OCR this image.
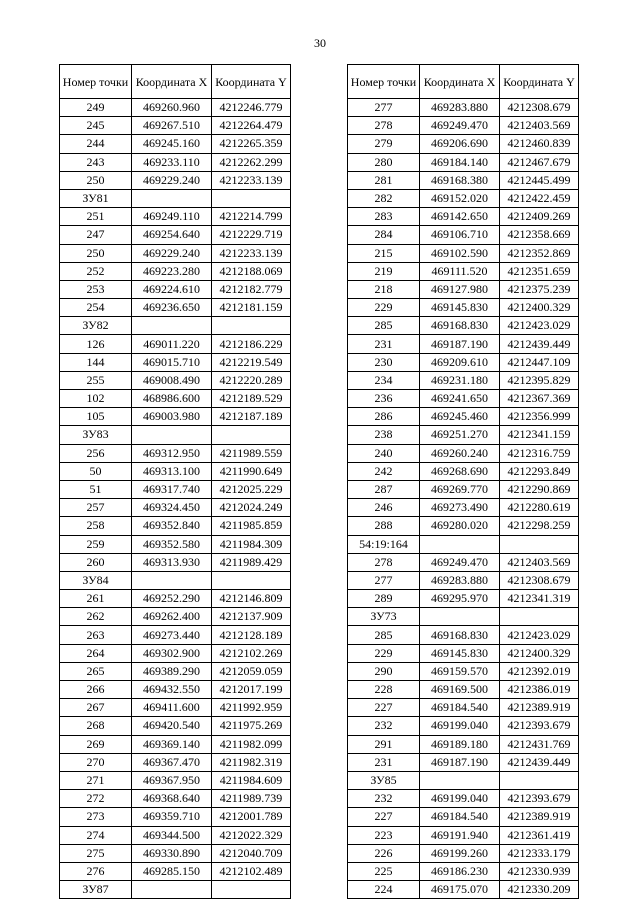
30
Номер точки	Координата X	Координата Y
249	469260.960	4212246.779
245	469267.510	4212264.479
244	469245.160	4212265.359
243	469233.110	4212262.299
250	469229.240	4212233.139
ЗУ81		
251	469249.110	4212214.799
247	469254.640	4212229.719
250	469229.240	4212233.139
252	469223.280	4212188.069
253	469224.610	4212182.779
254	469236.650	4212181.159
ЗУ82		
126	469011.220	4212186.229
144	469015.710	4212219.549
255	469008.490	4212220.289
102	468986.600	4212189.529
105	469003.980	4212187.189
ЗУ83		
256	469312.950	4211989.559
50	469313.100	4211990.649
51	469317.740	4212025.229
257	469324.450	4212024.249
258	469352.840	4211985.859
259	469352.580	4211984.309
260	469313.930	4211989.429
ЗУ84		
261	469252.290	4212146.809
262	469262.400	4212137.909
263	469273.440	4212128.189
264	469302.900	4212102.269
265	469389.290	4212059.059
266	469432.550	4212017.199
267	469411.600	4211992.959
268	469420.540	4211975.269
269	469369.140	4211982.099
270	469367.470	4211982.319
271	469367.950	4211984.609
272	469368.640	4211989.739
273	469359.710	4212001.789
274	469344.500	4212022.329
275	469330.890	4212040.709
276	469285.150	4212102.489
ЗУ87		
Номер точки	Координата X	Координата Y
277	469283.880	4212308.679
278	469249.470	4212403.569
279	469206.690	4212460.839
280	469184.140	4212467.679
281	469168.380	4212445.499
282	469152.020	4212422.459
283	469142.650	4212409.269
284	469106.710	4212358.669
215	469102.590	4212352.869
219	469111.520	4212351.659
218	469127.980	4212375.239
229	469145.830	4212400.329
285	469168.830	4212423.029
231	469187.190	4212439.449
230	469209.610	4212447.109
234	469231.180	4212395.829
236	469241.650	4212367.369
286	469245.460	4212356.999
238	469251.270	4212341.159
240	469260.240	4212316.759
242	469268.690	4212293.849
287	469269.770	4212290.869
246	469273.490	4212280.619
288	469280.020	4212298.259
54:19:164		
278	469249.470	4212403.569
277	469283.880	4212308.679
289	469295.970	4212341.319
ЗУ73		
285	469168.830	4212423.029
229	469145.830	4212400.329
290	469159.570	4212392.019
228	469169.500	4212386.019
227	469184.540	4212389.919
232	469199.040	4212393.679
291	469189.180	4212431.769
231	469187.190	4212439.449
ЗУ85		
232	469199.040	4212393.679
227	469184.540	4212389.919
223	469191.940	4212361.419
226	469199.260	4212333.179
225	469186.230	4212330.939
224	469175.070	4212330.209
